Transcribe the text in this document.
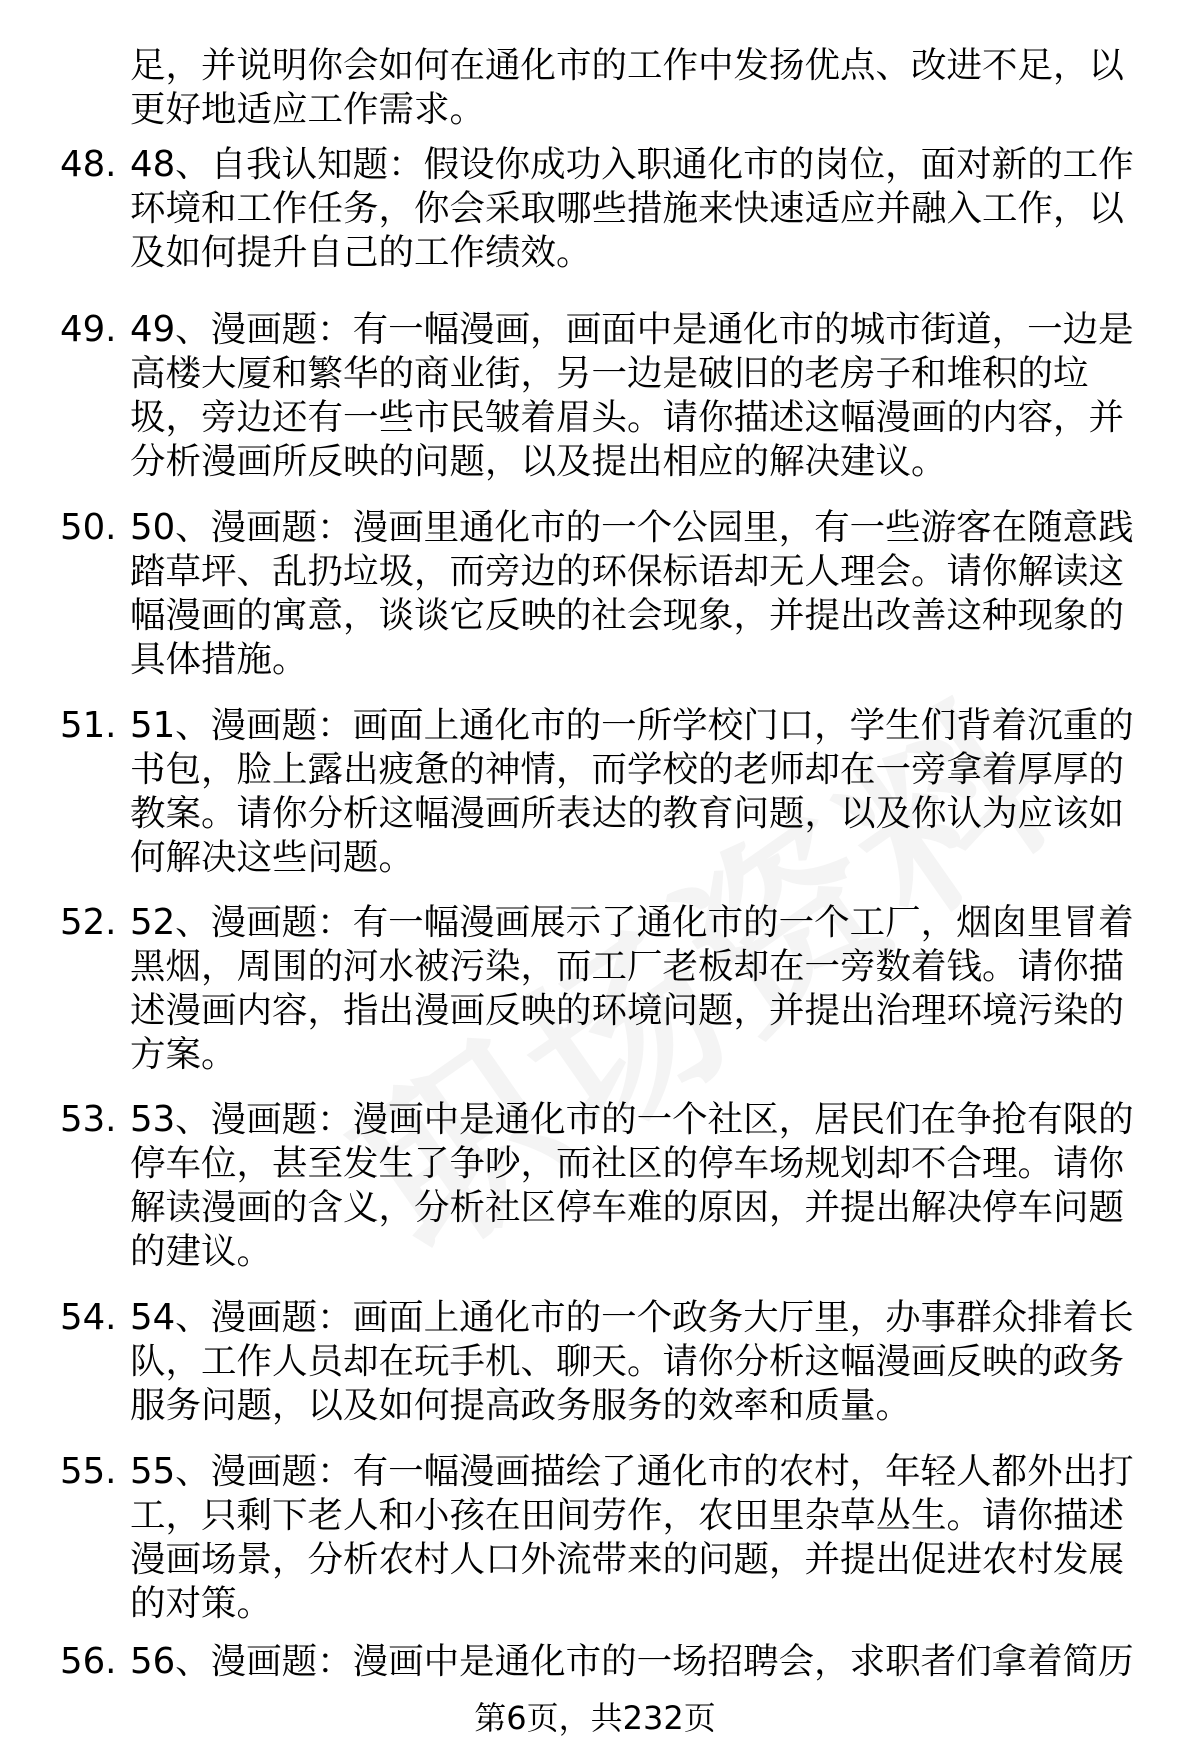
足，并说明你会如何在通化市的工作中发扬优点、改进不足，以
更好地适应工作需求。
48. 48、自我认知题：假设你成功入职通化市的岗位，面对新的工作
环境和工作任务，你会采取哪些措施来快速适应并融入工作，以
及如何提升自己的工作绩效。
49. 49、漫画题：有一幅漫画，画面中是通化市的城市街道，一边是
高楼大厦和繁华的商业街，另一边是破旧的老房子和堆积的垃
圾，旁边还有一些市民皱着眉头。请你描述这幅漫画的内容，并
分析漫画所反映的问题，以及提出相应的解决建议。
50. 50、漫画题：漫画里通化市的一个公园里，有一些游客在随意践
踏草坪、乱扔垃圾，而旁边的环保标语却无人理会。请你解读这
幅漫画的寓意，谈谈它反映的社会现象，并提出改善这种现象的
具体措施。
51. 51、漫画题：画面上通化市的一所学校门口，学生们背着沉重的
书包，脸上露出疲惫的神情，而学校的老师却在一旁拿着厚厚的
教案。请你分析这幅漫画所表达的教育问题，以及你认为应该如
何解决这些问题。
52. 52、漫画题：有一幅漫画展示了通化市的一个工厂，烟囱里冒着
黑烟，周围的河水被污染，而工厂老板却在一旁数着钱。请你描
述漫画内容，指出漫画反映的环境问题，并提出治理环境污染的
方案。
53. 53、漫画题：漫画中是通化市的一个社区，居民们在争抢有限的
停车位，甚至发生了争吵，而社区的停车场规划却不合理。请你
解读漫画的含义，分析社区停车难的原因，并提出解决停车问题
的建议。
54. 54、漫画题：画面上通化市的一个政务大厅里，办事群众排着长
队，工作人员却在玩手机、聊天。请你分析这幅漫画反映的政务
服务问题，以及如何提高政务服务的效率和质量。
55. 55、漫画题：有一幅漫画描绘了通化市的农村，年轻人都外出打
工，只剩下老人和小孩在田间劳作，农田里杂草丛生。请你描述
漫画场景，分析农村人口外流带来的问题，并提出促进农村发展
的对策。
56. 56、漫画题：漫画中是通化市的一场招聘会，求职者们拿着简历
第6页，共232页
